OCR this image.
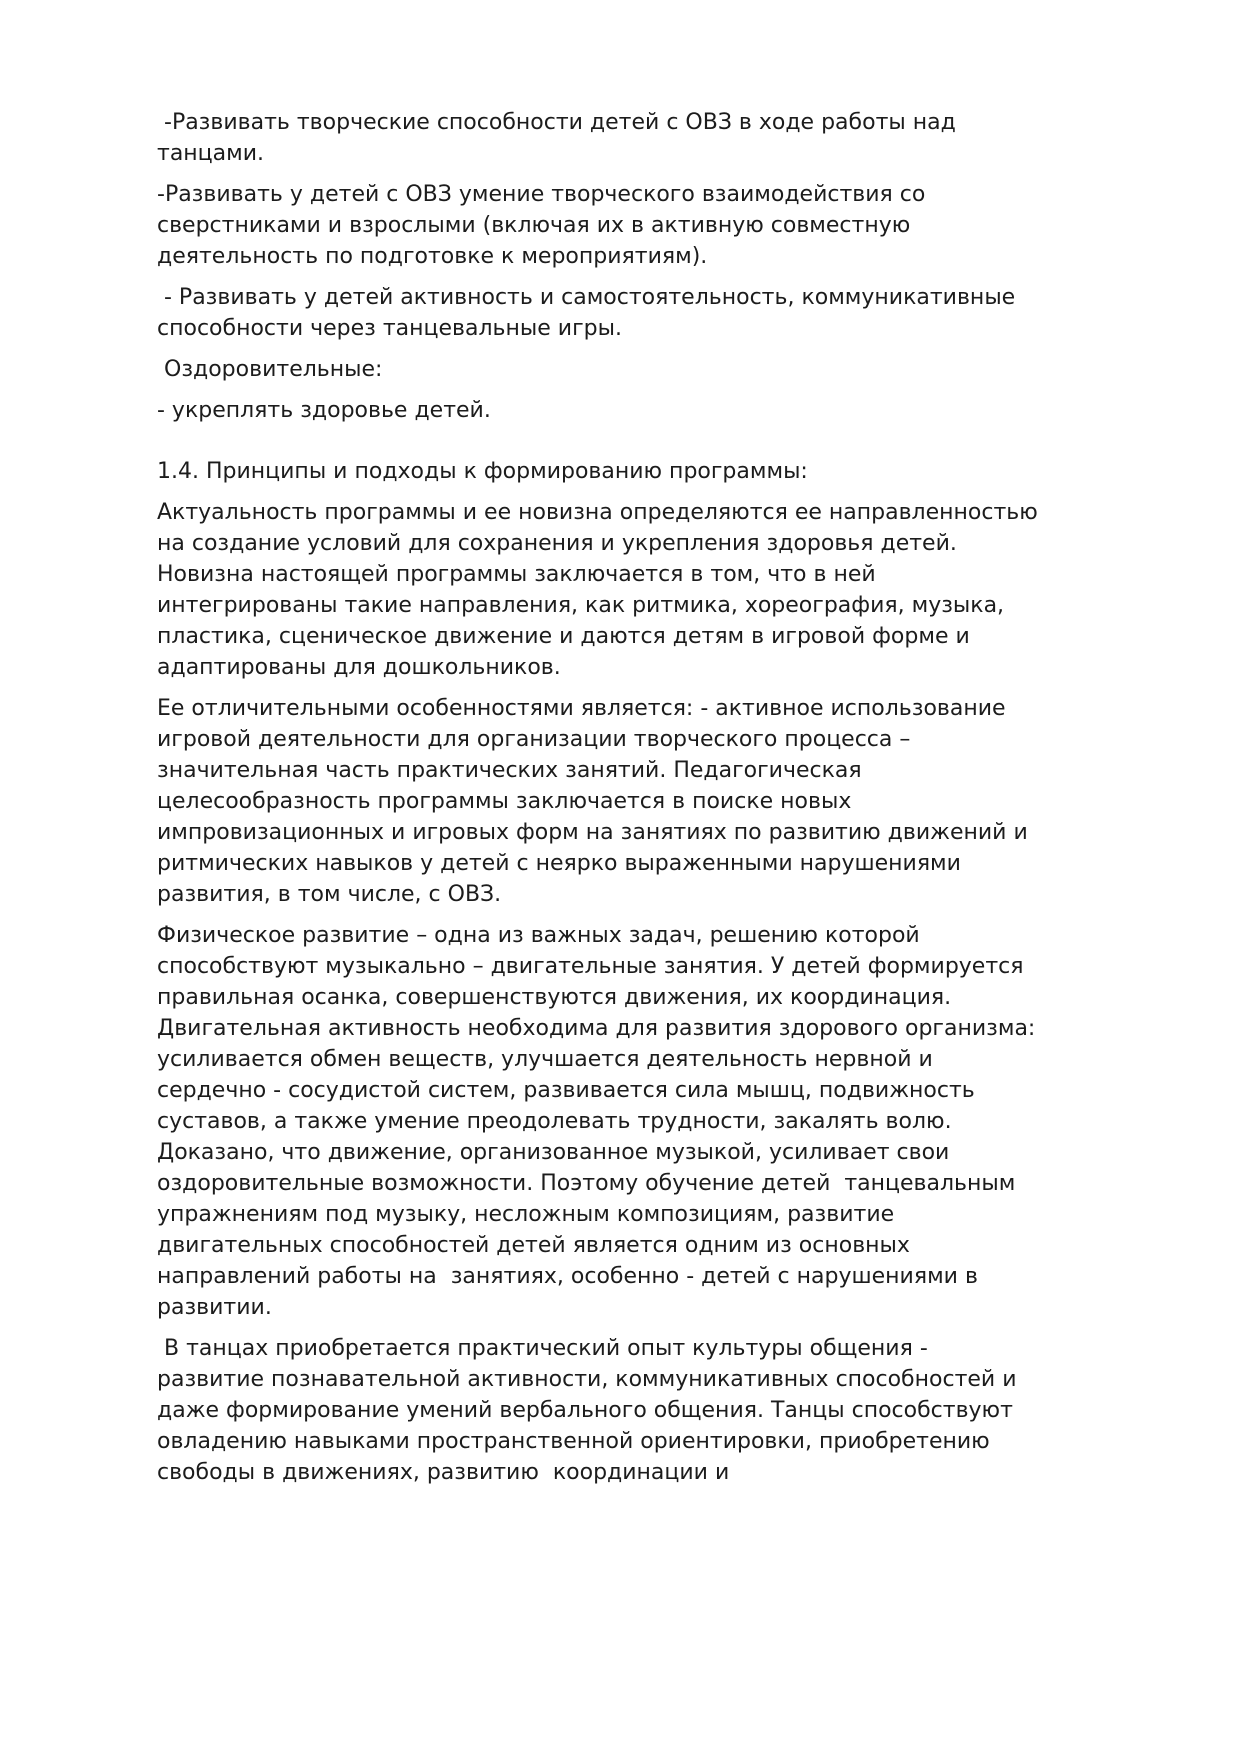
-Развивать творческие способности детей с ОВЗ в ходе работы над танцами.

-Развивать у детей с ОВЗ умение творческого взаимодействия со сверстниками и взрослыми (включая их в активную совместную деятельность по подготовке к мероприятиям).

- Развивать у детей активность и самостоятельность, коммуникативные способности через танцевальные игры.

Оздоровительные:

- укреплять здоровье детей.

1.4. Принципы и подходы к формированию программы:

Актуальность программы и ее новизна определяются ее направленностью на создание условий для сохранения и укрепления здоровья детей. Новизна настоящей программы заключается в том, что в ней интегрированы такие направления, как ритмика, хореография, музыка, пластика, сценическое движение и даются детям в игровой форме и адаптированы для дошкольников.

Ее отличительными особенностями является: - активное использование игровой деятельности для организации творческого процесса – значительная часть практических занятий. Педагогическая целесообразность программы заключается в поиске новых импровизационных и игровых форм на занятиях по развитию движений и ритмических навыков у детей с неярко выраженными нарушениями развития, в том числе, с ОВЗ.

Физическое развитие – одна из важных задач, решению которой способствуют музыкально – двигательные занятия. У детей формируется правильная осанка, совершенствуются движения, их координация. Двигательная активность необходима для развития здорового организма: усиливается обмен веществ, улучшается деятельность нервной и сердечно - сосудистой систем, развивается сила мышц, подвижность суставов, а также умение преодолевать трудности, закалять волю. Доказано, что движение, организованное музыкой, усиливает свои оздоровительные возможности. Поэтому обучение детей  танцевальным упражнениям под музыку, несложным композициям, развитие двигательных способностей детей является одним из основных направлений работы на  занятиях, особенно - детей с нарушениями в развитии.

В танцах приобретается практический опыт культуры общения - развитие познавательной активности, коммуникативных способностей и даже формирование умений вербального общения. Танцы способствуют овладению навыками пространственной ориентировки, приобретению свободы в движениях, развитию  координации и
